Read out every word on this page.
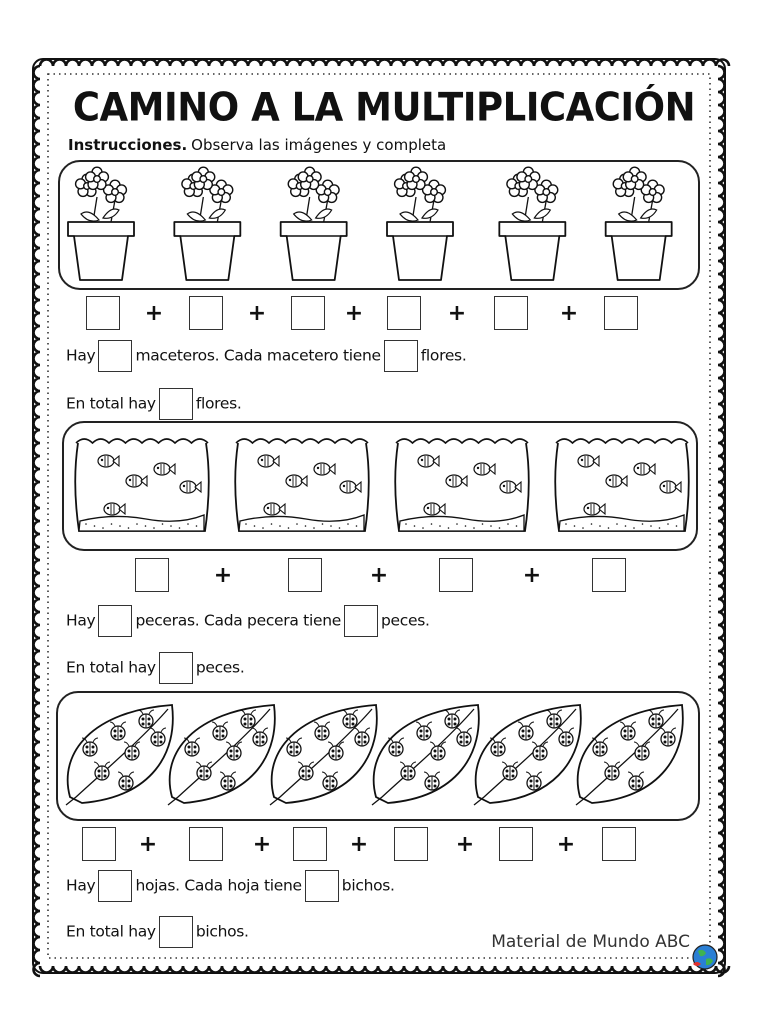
CAMINO A LA MULTIPLICACIÓN
Instrucciones. Observa las imágenes y completa
+	+	+	+	+
Hay	maceteros. Cada macetero tiene	flores.
En total hay	flores.
+	+	+
Hay	peceras. Cada pecera tiene	peces.
En total hay	peces.
+	+	+	+	+
Hay	hojas. Cada hoja tiene	bichos.
En total hay	bichos.
Material de Mundo ABC
